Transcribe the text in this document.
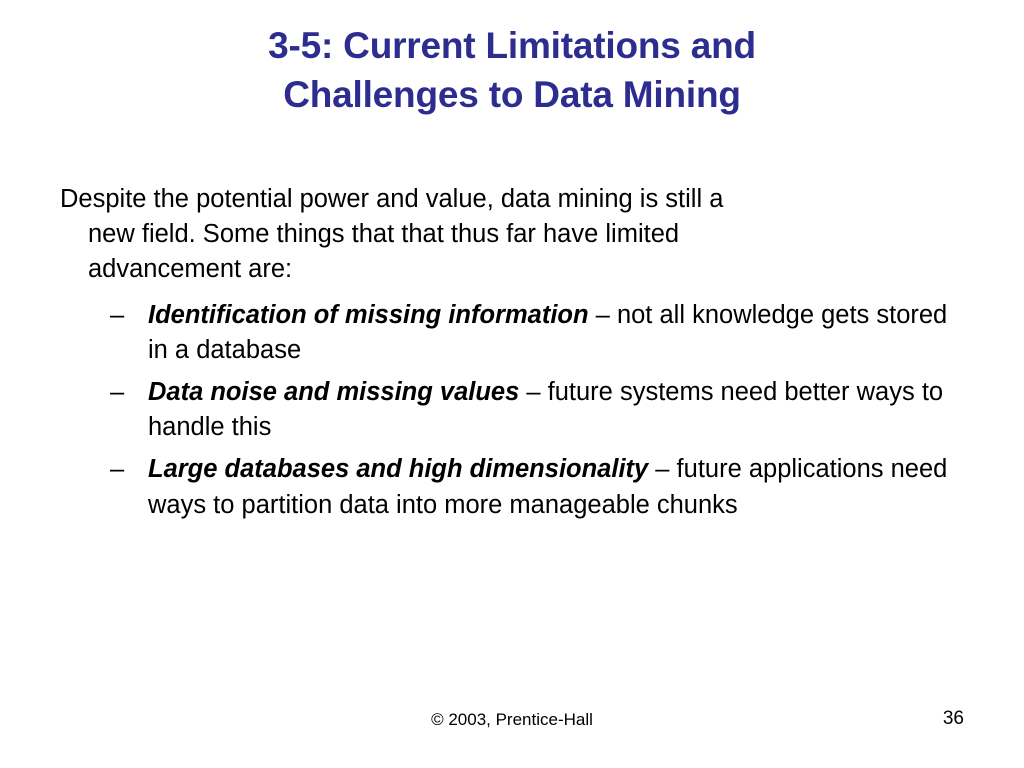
3-5: Current Limitations and
Challenges to Data Mining

Despite the potential power and value, data mining is still a
new field. Some things that that thus far have limited
advancement are:

– Identification of missing information – not all knowledge gets stored in a database
– Data noise and missing values – future systems need better ways to handle this
– Large databases and high dimensionality – future applications need ways to partition data into more manageable chunks
© 2003, Prentice-Hall	36
